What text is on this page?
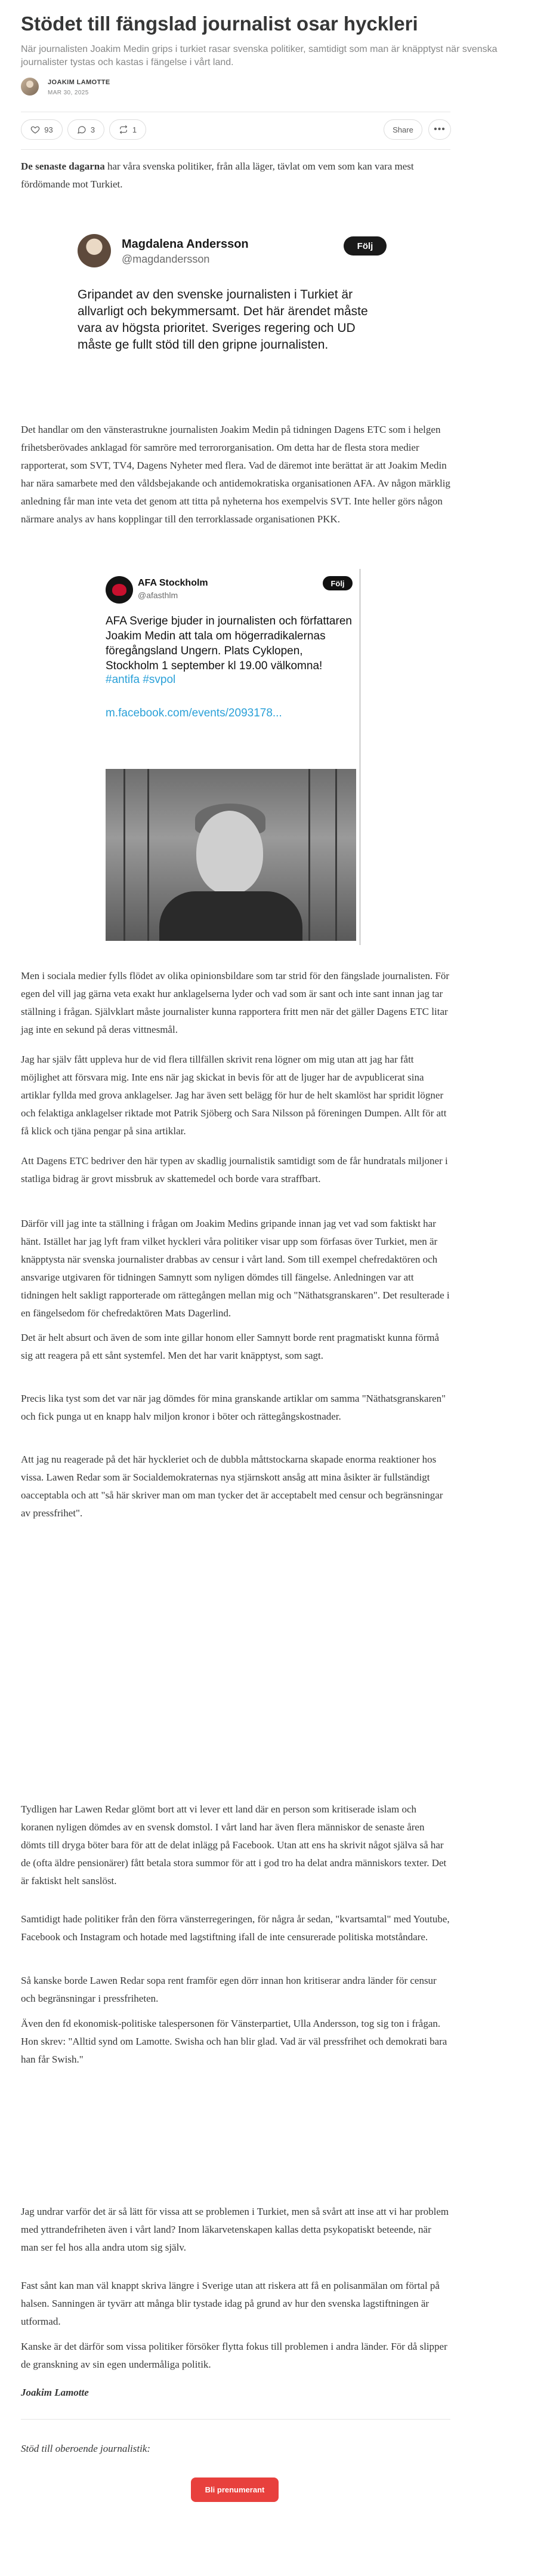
Stödet till fängslad journalist osar hyckleri
När journalisten Joakim Medin grips i turkiet rasar svenska politiker, samtidigt som man är knäpptyst när svenska journalister tystas och kastas i fängelse i vårt land.
JOAKIM LAMOTTE
MAR 30, 2025
93	3	1	Share •••

De senaste dagarna har våra svenska politiker, från alla läger, tävlat om vem som kan vara mest fördömande mot Turkiet.

Magdalena Andersson
@magdandersson
Följ
Gripandet av den svenske journalisten i Turkiet är allvarligt och bekymmersamt. Det här ärendet måste vara av högsta prioritet. Sveriges regering och UD måste ge fullt stöd till den gripne journalisten.

Det handlar om den vänsterastrukne journalisten Joakim Medin på tidningen Dagens ETC som i helgen frihetsberövades anklagad för samröre med terrororganisation. Om detta har de flesta stora medier rapporterat, som SVT, TV4, Dagens Nyheter med flera. Vad de däremot inte berättat är att Joakim Medin har nära samarbete med den våldsbejakande och antidemokratiska organisationen AFA. Av någon märklig anledning får man inte veta det genom att titta på nyheterna hos exempelvis SVT. Inte heller görs någon närmare analys av hans kopplingar till den terrorklassade organisationen PKK.

AFA Stockholm
@afasthlm
Följ
AFA Sverige bjuder in journalisten och författaren Joakim Medin att tala om högerradikalernas föregångsland Ungern. Plats Cyklopen, Stockholm 1 september kl 19.00 välkomna!
#antifa #svpol
m.facebook.com/events/2093178...

Men i sociala medier fylls flödet av olika opinionsbildare som tar strid för den fängslade journalisten. För egen del vill jag gärna veta exakt hur anklagelserna lyder och vad som är sant och inte sant innan jag tar ställning i frågan. Självklart måste journalister kunna rapportera fritt men när det gäller Dagens ETC litar jag inte en sekund på deras vittnesmål.

Jag har själv fått uppleva hur de vid flera tillfällen skrivit rena lögner om mig utan att jag har fått möjlighet att försvara mig. Inte ens när jag skickat in bevis för att de ljuger har de avpublicerat sina artiklar fyllda med grova anklagelser. Jag har även sett belägg för hur de helt skamlöst har spridit lögner och felaktiga anklagelser riktade mot Patrik Sjöberg och Sara Nilsson på föreningen Dumpen. Allt för att få klick och tjäna pengar på sina artiklar.

Att Dagens ETC bedriver den här typen av skadlig journalistik samtidigt som de får hundratals miljoner i statliga bidrag är grovt missbruk av skattemedel och borde vara straffbart.

Därför vill jag inte ta ställning i frågan om Joakim Medins gripande innan jag vet vad som faktiskt har hänt. Istället har jag lyft fram vilket hyckleri våra politiker visar upp som förfasas över Turkiet, men är knäpptysta när svenska journalister drabbas av censur i vårt land. Som till exempel chefredaktören och ansvarige utgivaren för tidningen Samnytt som nyligen dömdes till fängelse. Anledningen var att tidningen helt sakligt rapporterade om rättegången mellan mig och "Näthatsgranskaren". Det resulterade i en fängelsedom för chefredaktören Mats Dagerlind.

Det är helt absurt och även de som inte gillar honom eller Samnytt borde rent pragmatiskt kunna förmå sig att reagera på ett sånt systemfel. Men det har varit knäpptyst, som sagt.

Precis lika tyst som det var när jag dömdes för mina granskande artiklar om samma "Näthatsgranskaren" och fick punga ut en knapp halv miljon kronor i böter och rättegångskostnader.

Att jag nu reagerade på det här hyckleriet och de dubbla måttstockarna skapade enorma reaktioner hos vissa. Lawen Redar som är Socialdemokraternas nya stjärnskott ansåg att mina åsikter är fullständigt oacceptabla och att "så här skriver man om man tycker det är acceptabelt med censur och begränsningar av pressfrihet".

Tydligen har Lawen Redar glömt bort att vi lever ett land där en person som kritiserade islam och koranen nyligen dömdes av en svensk domstol. I vårt land har även flera människor de senaste åren dömts till dryga böter bara för att de delat inlägg på Facebook. Utan att ens ha skrivit något själva så har de (ofta äldre pensionärer) fått betala stora summor för att i god tro ha delat andra människors texter. Det är faktiskt helt sanslöst.

Samtidigt hade politiker från den förra vänsterregeringen, för några år sedan, "kvartsamtal" med Youtube, Facebook och Instagram och hotade med lagstiftning ifall de inte censurerade politiska motståndare.

Så kanske borde Lawen Redar sopa rent framför egen dörr innan hon kritiserar andra länder för censur och begränsningar i pressfriheten.

Även den fd ekonomisk-politiske talespersonen för Vänsterpartiet, Ulla Andersson, tog sig ton i frågan. Hon skrev: "Alltid synd om Lamotte. Swisha och han blir glad. Vad är väl pressfrihet och demokrati bara han får Swish."

Jag undrar varför det är så lätt för vissa att se problemen i Turkiet, men så svårt att inse att vi har problem med yttrandefriheten även i vårt land? Inom läkarvetenskapen kallas detta psykopatiskt beteende, när man ser fel hos alla andra utom sig själv.

Fast sånt kan man väl knappt skriva längre i Sverige utan att riskera att få en polisanmälan om förtal på halsen. Sanningen är tyvärr att många blir tystade idag på grund av hur den svenska lagstiftningen är utformad.

Kanske är det därför som vissa politiker försöker flytta fokus till problemen i andra länder. För då slipper de granskning av sin egen undermåliga politik.

Joakim Lamotte
Stöd till oberoende journalistik:
Bli prenumerant
